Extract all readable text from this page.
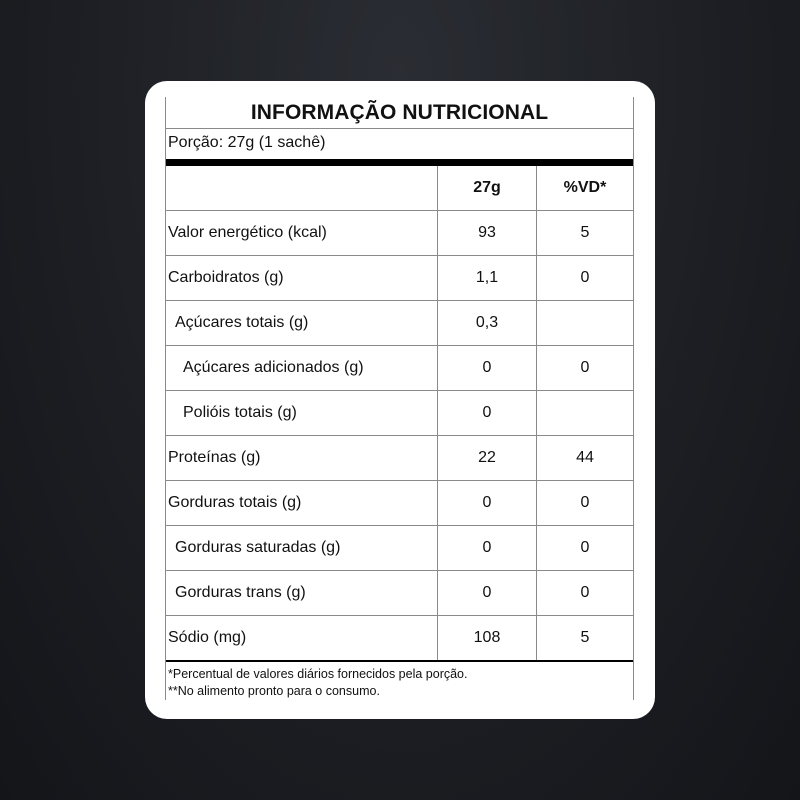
INFORMAÇÃO NUTRICIONAL
Porção: 27g (1 sachê)
	27g	%VD*
Valor energético (kcal)	93	5
Carboidratos (g)	1,1	0
Açúcares totais (g)	0,3	
Açúcares adicionados (g)	0	0
Polióis totais (g)	0	
Proteínas (g)	22	44
Gorduras totais (g)	0	0
Gorduras saturadas (g)	0	0
Gorduras trans (g)	0	0
Sódio (mg)	108	5
*Percentual de valores diários fornecidos pela porção.
**No alimento pronto para o consumo.
